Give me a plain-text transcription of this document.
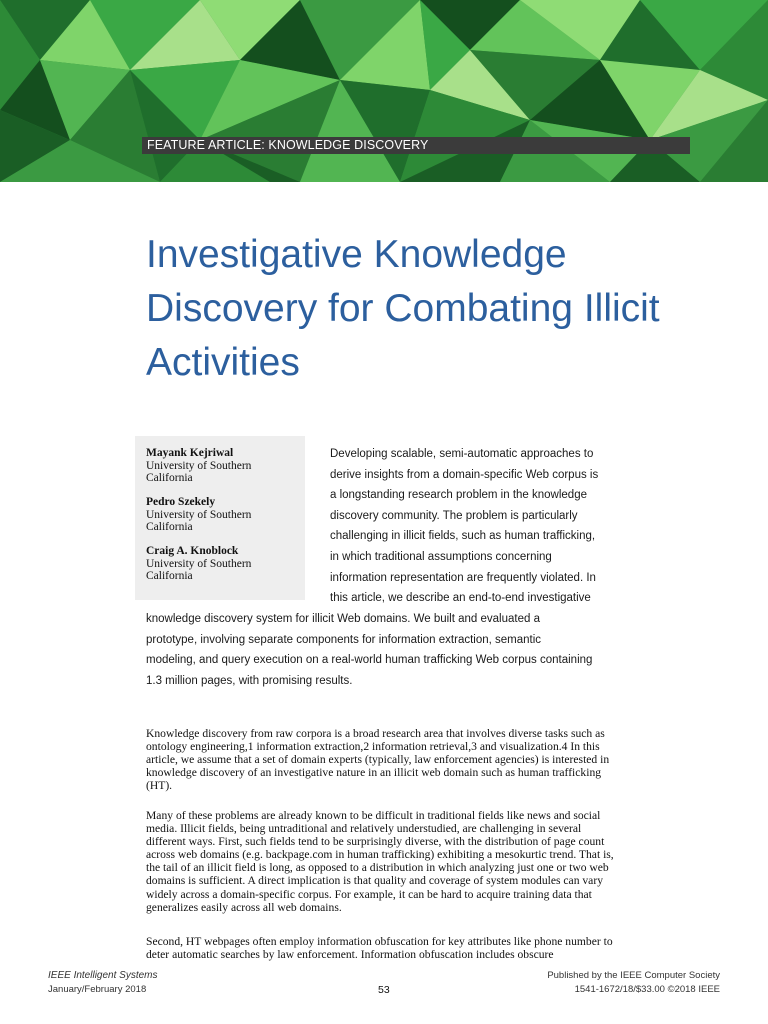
FEATURE ARTICLE: KNOWLEDGE DISCOVERY
Investigative Knowledge Discovery for Combating Illicit Activities
Mayank Kejriwal
University of Southern California
Pedro Szekely
University of Southern California
Craig A. Knoblock
University of Southern California
Developing scalable, semi-automatic approaches to
derive insights from a domain-specific Web corpus is
a longstanding research problem in the knowledge
discovery community. The problem is particularly
challenging in illicit fields, such as human trafficking,
in which traditional assumptions concerning
information representation are frequently violated. In
this article, we describe an end-to-end investigative
knowledge discovery system for illicit Web domains. We built and evaluated a
prototype, involving separate components for information extraction, semantic
modeling, and query execution on a real-world human trafficking Web corpus containing
1.3 million pages, with promising results.

Knowledge discovery from raw corpora is a broad research area that involves diverse tasks such as ontology engineering,1 information extraction,2 information retrieval,3 and visualization.4 In this article, we assume that a set of domain experts (typically, law enforcement agencies) is interested in knowledge discovery of an investigative nature in an illicit web domain such as human trafficking (HT).

Many of these problems are already known to be difficult in traditional fields like news and social media. Illicit fields, being untraditional and relatively understudied, are challenging in several different ways. First, such fields tend to be surprisingly diverse, with the distribution of page count across web domains (e.g. backpage.com in human trafficking) exhibiting a mesokurtic trend. That is, the tail of an illicit field is long, as opposed to a distribution in which analyzing just one or two web domains is sufficient. A direct implication is that quality and coverage of system modules can vary widely across a domain-specific corpus. For example, it can be hard to acquire training data that generalizes easily across all web domains.

Second, HT webpages often employ information obfuscation for key attributes like phone number to deter automatic searches by law enforcement. Information obfuscation includes obscure

IEEE Intelligent Systems
January/February 2018	53
Published by the IEEE Computer Society
1541-1672/18/$33.00 ©2018 IEEE
